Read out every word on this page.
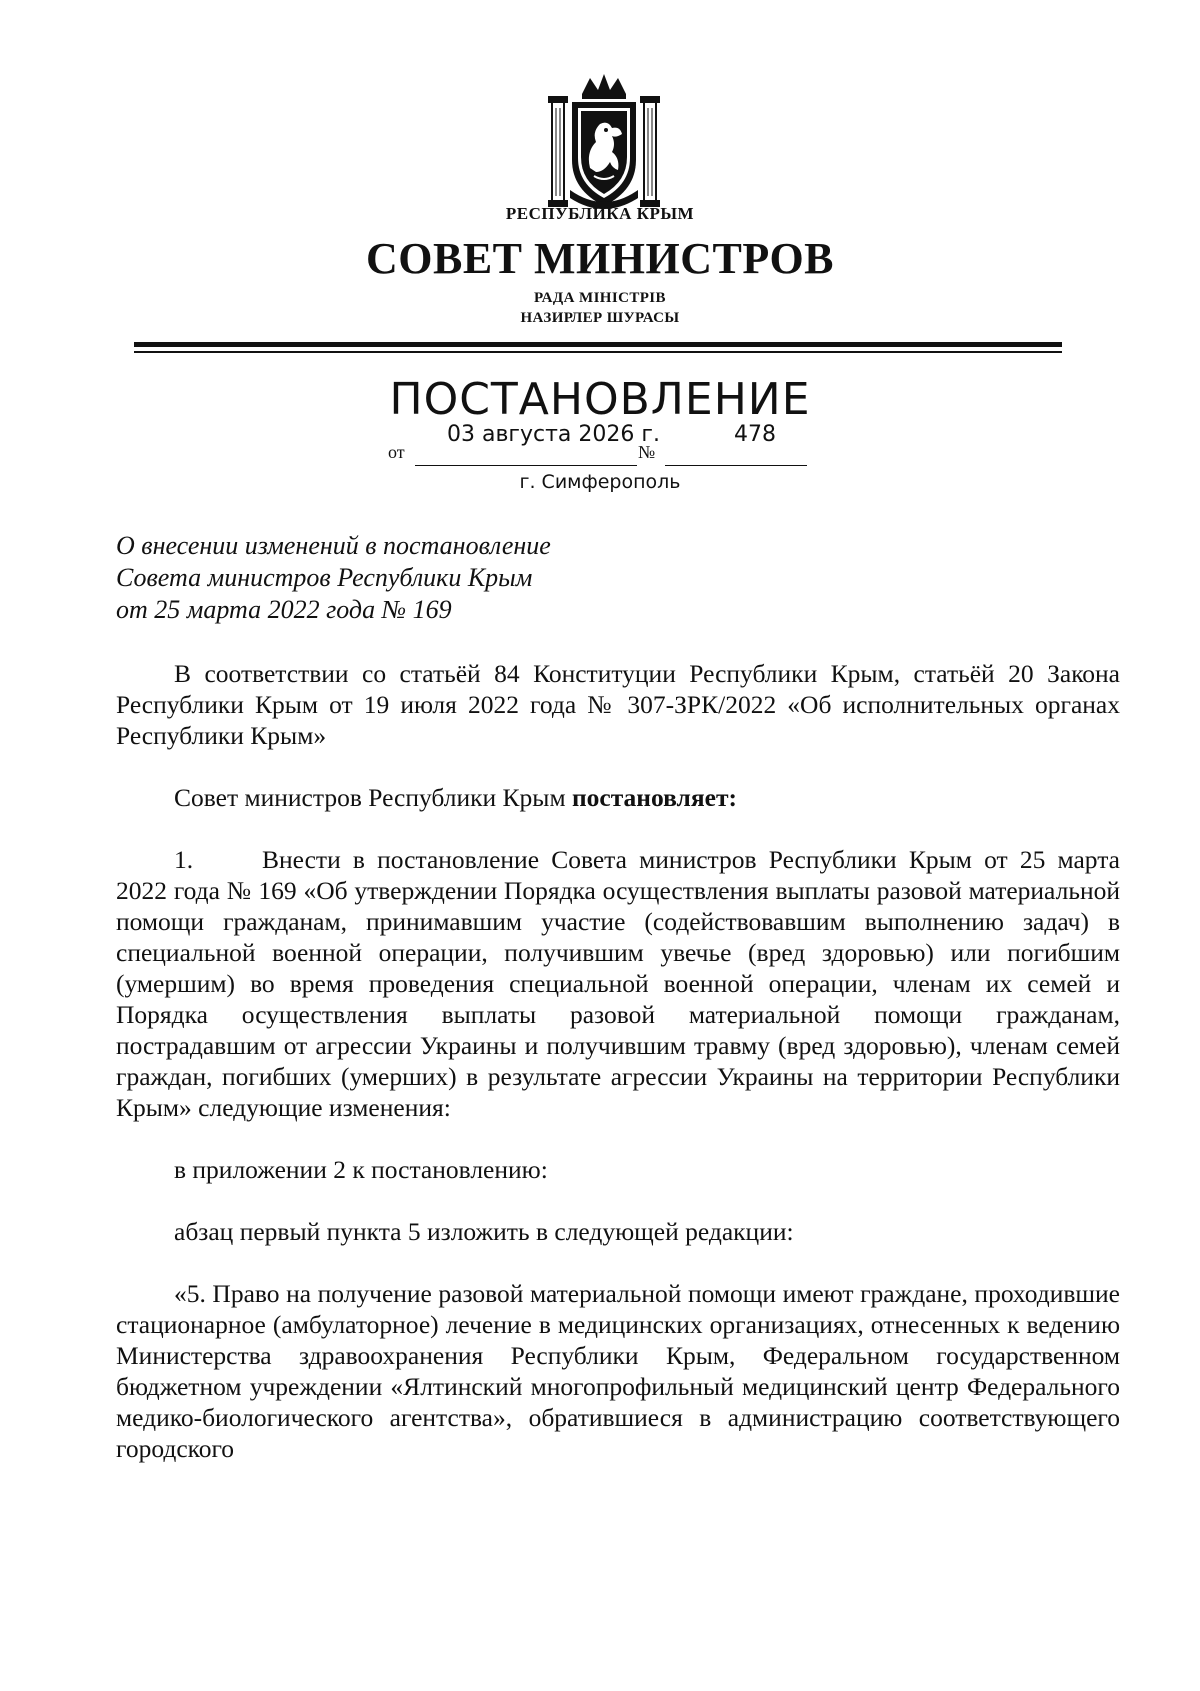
РЕСПУБЛИКА КРЫМ
СОВЕТ МИНИСТРОВ
РАДА МІНІСТРІВ
НАЗИРЛЕР ШУРАСЫ
ПОСТАНОВЛЕНИЕ
от
03 августа 2026 г.
№
478
г. Симферополь
О внесении изменений в постановление
Совета министров Республики Крым
от 25 марта 2022 года № 169

В соответствии со статьёй 84 Конституции Республики Крым, статьёй 20 Закона Республики Крым от 19 июля 2022 года № 307-ЗРК/2022 «Об исполнительных органах Республики Крым»

Совет министров Республики Крым постановляет:

1.	Внести в постановление Совета министров Республики Крым от 25 марта 2022 года № 169 «Об утверждении Порядка осуществления выплаты разовой материальной помощи гражданам, принимавшим участие (содействовавшим выполнению задач) в специальной военной операции, получившим увечье (вред здоровью) или погибшим (умершим) во время проведения специальной военной операции, членам их семей и Порядка осуществления выплаты разовой материальной помощи гражданам, пострадавшим от агрессии Украины и получившим травму (вред здоровью), членам семей граждан, погибших (умерших) в результате агрессии Украины на территории Республики Крым» следующие изменения:

в приложении 2 к постановлению:

абзац первый пункта 5 изложить в следующей редакции:

«5. Право на получение разовой материальной помощи имеют граждане, проходившие стационарное (амбулаторное) лечение в медицинских организациях, отнесенных к ведению Министерства здравоохранения Республики Крым, Федеральном государственном бюджетном учреждении «Ялтинский многопрофильный медицинский центр Федерального медико-биологического агентства», обратившиеся в администрацию соответствующего городского
